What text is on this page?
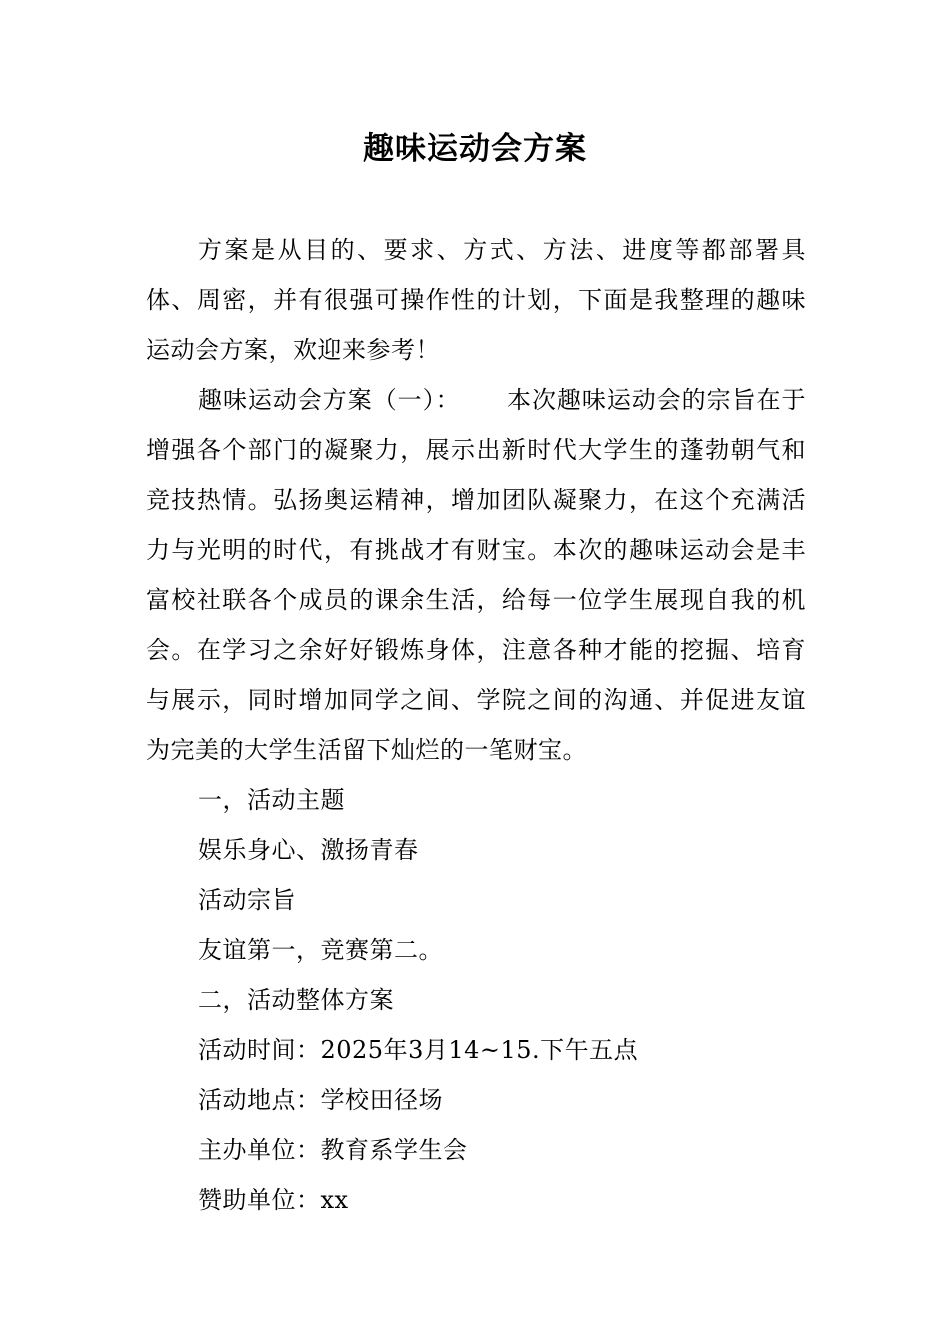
趣味运动会方案

方案是从目的、要求、方式、方法、进度等都部署具体、周密，并有很强可操作性的计划，下面是我整理的趣味运动会方案，欢迎来参考！

趣味运动会方案（一）： 本次趣味运动会的宗旨在于增强各个部门的凝聚力，展示出新时代大学生的蓬勃朝气和竞技热情。弘扬奥运精神，增加团队凝聚力，在这个充满活力与光明的时代，有挑战才有财宝。本次的趣味运动会是丰富校社联各个成员的课余生活，给每一位学生展现自我的机会。在学习之余好好锻炼身体，注意各种才能的挖掘、培育与展示，同时增加同学之间、学院之间的沟通、并促进友谊为完美的大学生活留下灿烂的一笔财宝。

一，活动主题

娱乐身心、激扬青春

活动宗旨

友谊第一，竞赛第二。

二，活动整体方案

活动时间：2025年3月14~15.下午五点

活动地点：学校田径场

主办单位：教育系学生会

赞助单位：xx
